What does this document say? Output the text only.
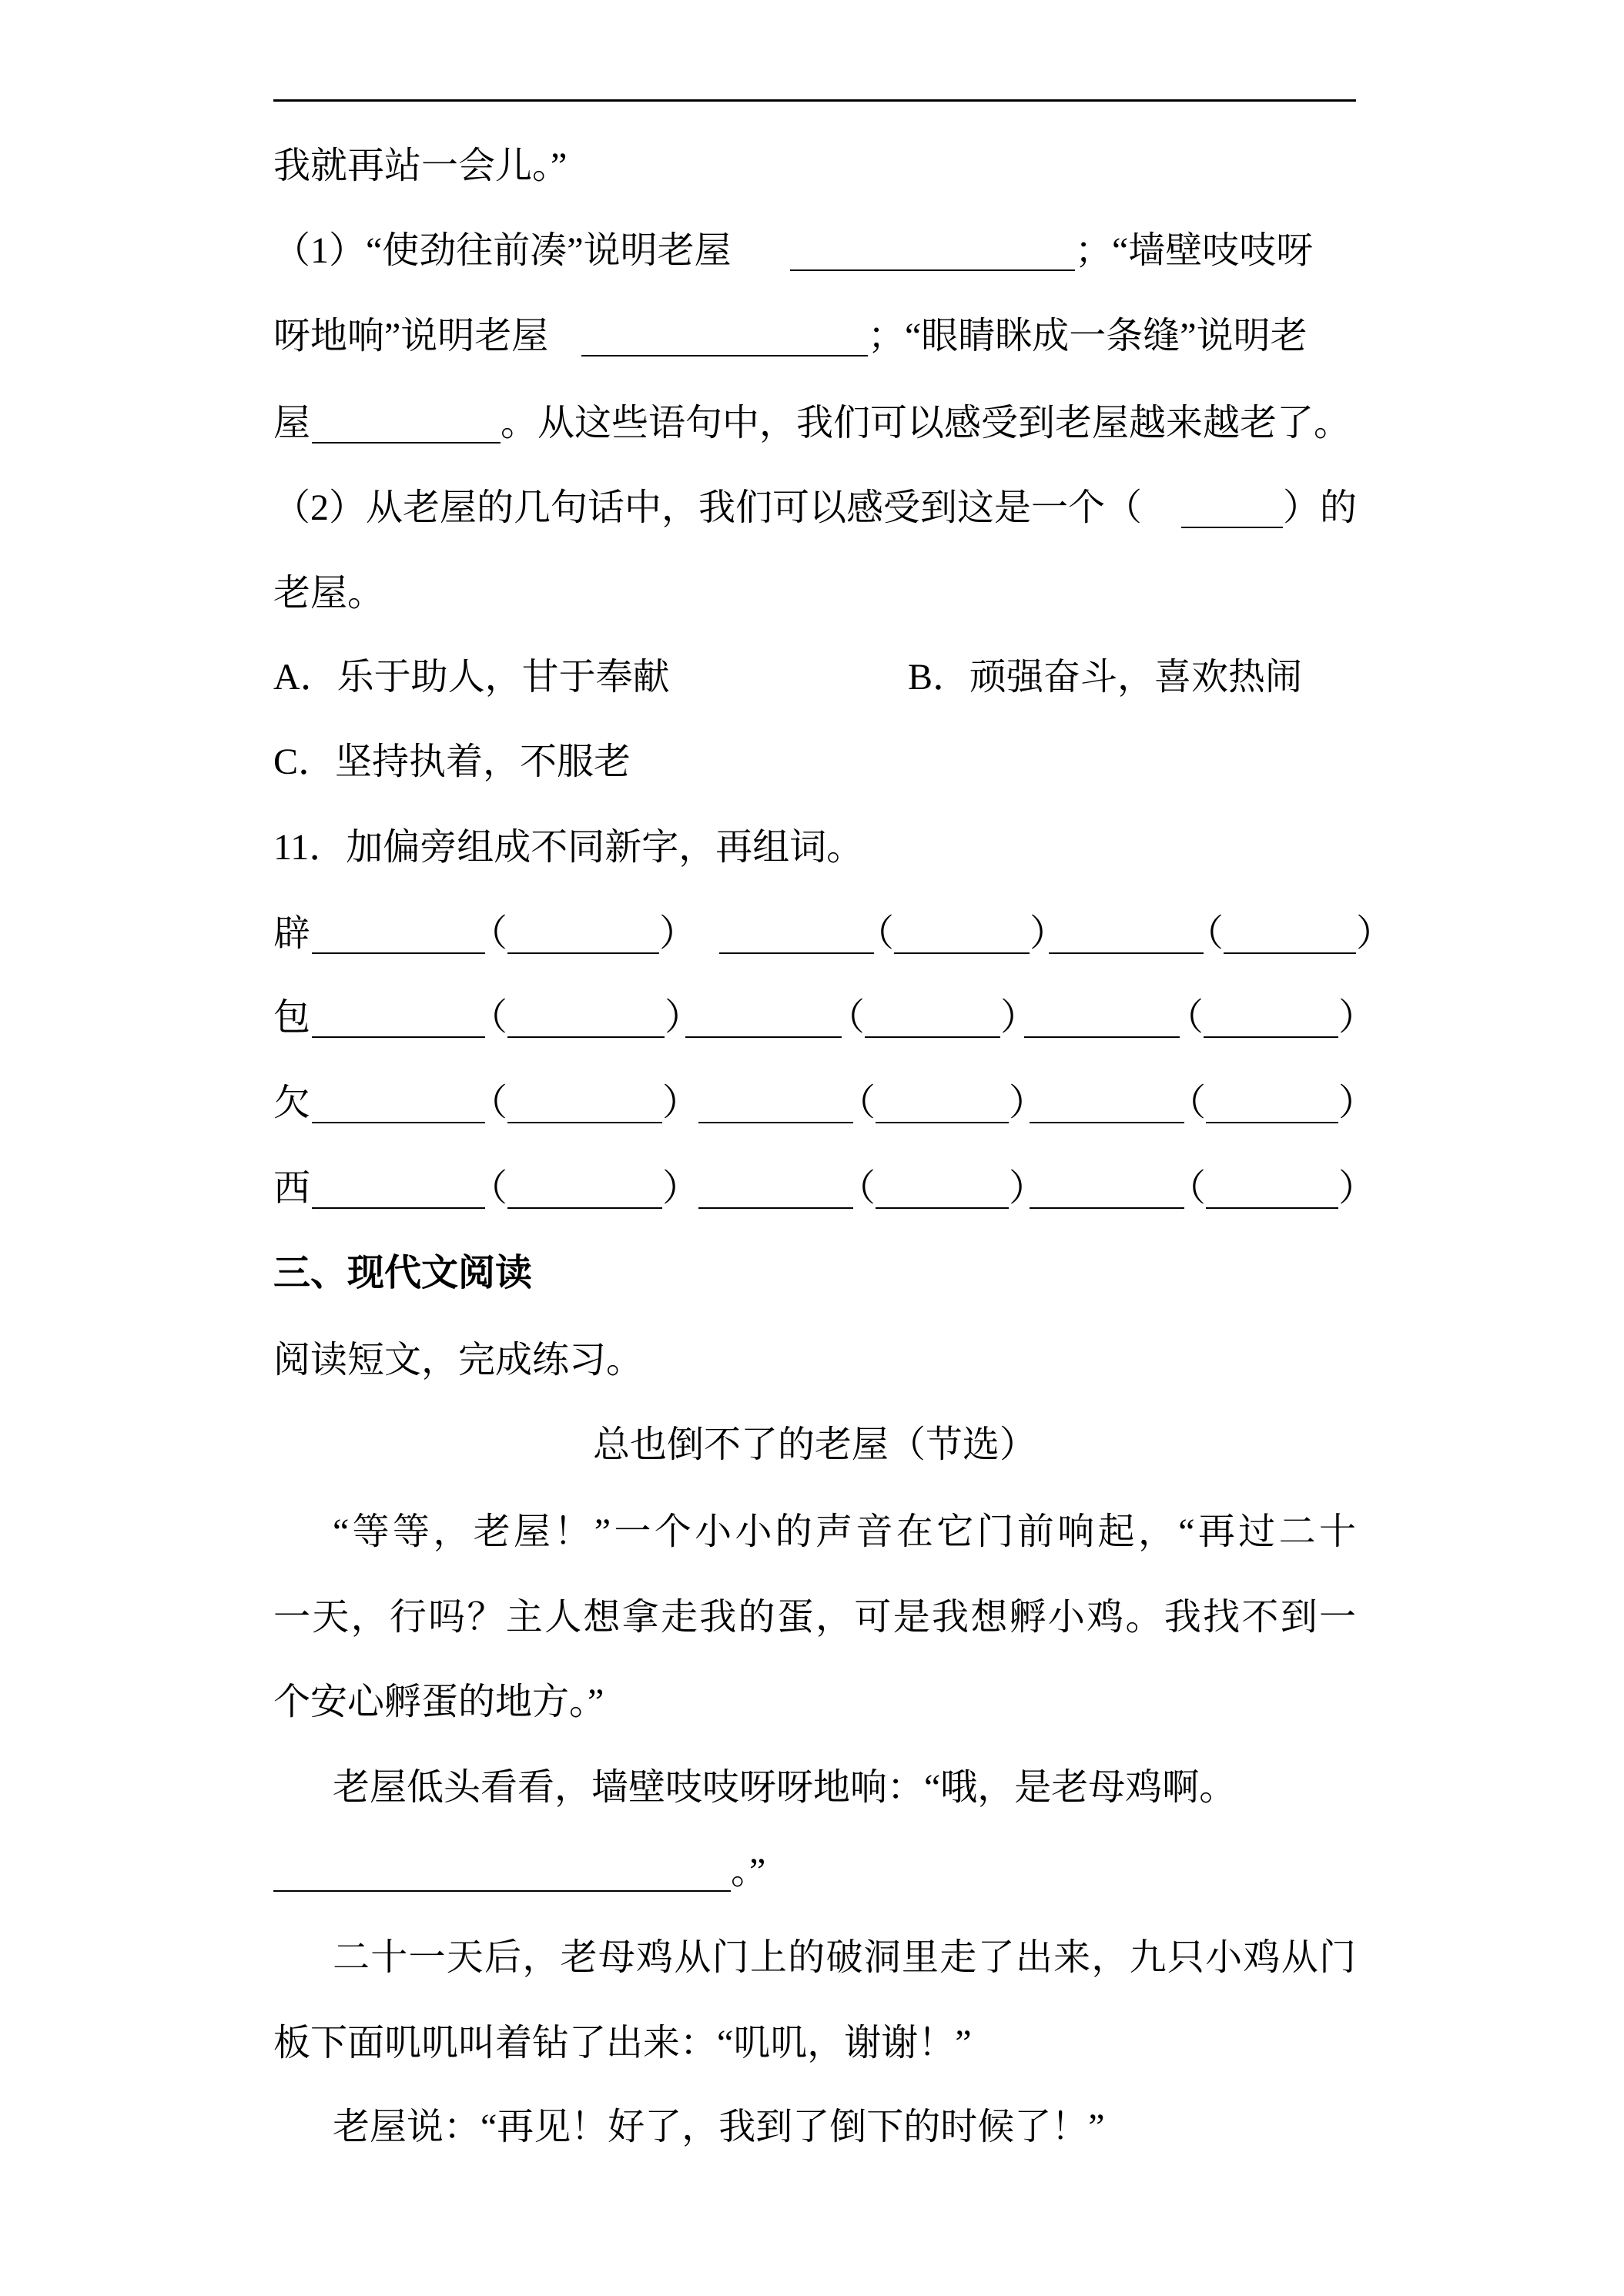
我就再站一会儿。”
（1）“使劲往前凑”说明老屋	；“墙壁吱吱呀
呀地响”说明老屋	；“眼睛眯成一条缝”说明老
屋	。从这些语句中，我们可以感受到老屋越来越老了。
（2）从老屋的几句话中，我们可以感受到这是一个（	）的
老屋。
A．乐于助人，甘于奉献	B．顽强奋斗，喜欢热闹
C．坚持执着，不服老
11．加偏旁组成不同新字，再组词。
辟	（	）	（	）	（	）
包	（	）	（	）	（	）
欠	（	）	（	）	（	）
西	（	）	（	）	（	）
三、现代文阅读
阅读短文，完成练习。
总也倒不了的老屋（节选）
“等等，老屋！”一个小小的声音在它门前响起，“再过二十
一天，行吗？主人想拿走我的蛋，可是我想孵小鸡。我找不到一
个安心孵蛋的地方。”
老屋低头看看，墙壁吱吱呀呀地响：“哦，是老母鸡啊。
。”
二十一天后，老母鸡从门上的破洞里走了出来，九只小鸡从门
板下面叽叽叫着钻了出来：“叽叽，谢谢！”
老屋说：“再见！好了，我到了倒下的时候了！”
